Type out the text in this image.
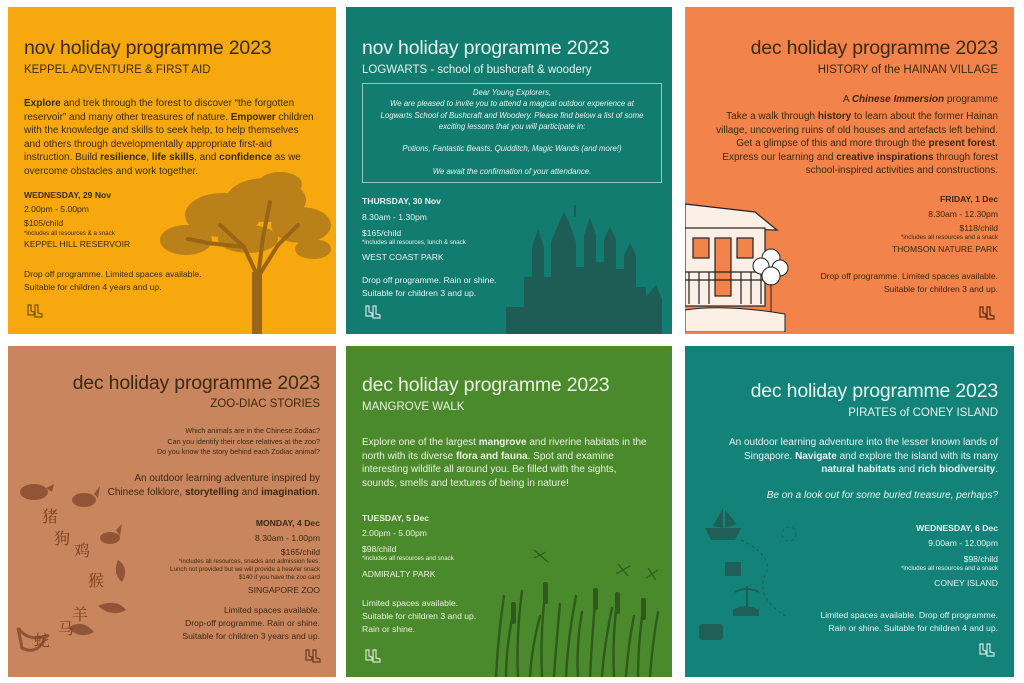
nov holiday programme 2023

KEPPEL ADVENTURE & FIRST AID

Explore and trek through the forest to discover “the forgotten
reservoir” and many other treasures of nature. Empower children
with the knowledge and skills to seek help, to help themselves
and others through developmentally appropriate first-aid
instruction. Build resilience, life skills, and confidence as we
overcome obstacles and work together.

WEDNESDAY, 29 Nov

2.00pm - 5.00pm

$105/child

*includes all resources & a snack

KEPPEL HILL RESERVOIR

Drop off programme. Limited spaces available.

Suitable for children 4 years and up.

nov holiday programme 2023

LOGWARTS - school of bushcraft & woodery

Dear Young Explorers,
We are pleased to invite you to attend a magical outdoor experience at
Logwarts School of Bushcraft and Woodery. Please find below a list of some
exciting lessons that you will participate in:

Potions, Fantastic Beasts, Quidditch, Magic Wands (and more!)

We await the confirmation of your attendance.

THURSDAY, 30 Nov

8.30am - 1.30pm

$165/child

*includes all resources, lunch & snack

WEST COAST PARK

Drop off programme. Rain or shine.

Suitable for children 3 and up.

dec holiday programme 2023

HISTORY of the HAINAN VILLAGE

A Chinese Immersion programme

Take a walk through history to learn about the former Hainan
village, uncovering ruins of old houses and artefacts left behind.
Get a glimpse of this and more through the present forest.
Express our learning and creative inspirations through forest
school-inspired activities and constructions.

FRIDAY, 1 Dec

8.30am - 12.30pm

$118/child

*includes all resources and a snack

THOMSON NATURE PARK

Drop off programme. Limited spaces available.

Suitable for children 3 and up.

猪
狗
鸡
猴
羊
马
蛇

dec holiday programme 2023

ZOO-DIAC STORIES

Which animals are in the Chinese Zodiac?
Can you identify their close relatives at the zoo?
Do you know the story behind each Zodiac animal?
An outdoor learning adventure inspired by
Chinese folklore, storytelling and imagination.

MONDAY, 4 Dec

8.30am - 1.00pm

$165/child

*includes all resources, snacks and admission fees.
Lunch not provided but we will provide a heavier snack
$140 if you have the zoo card

SINGAPORE ZOO

Limited spaces available.

Drop-off programme. Rain or shine.

Suitable for children 3 years and up.

dec holiday programme 2023

MANGROVE WALK

Explore one of the largest mangrove and riverine habitats in the
north with its diverse flora and fauna. Spot and examine
interesting wildlife all around you. Be filled with the sights,
sounds, smells and textures of being in nature!

TUESDAY, 5 Dec

2.00pm - 5.00pm

$98/child

*includes all resources and snack

ADMIRALTY PARK

Limited spaces available.

Suitable for children 3 and up.

Rain or shine.

dec holiday programme 2023

PIRATES of CONEY ISLAND

An outdoor learning adventure into the lesser known lands of
Singapore. Navigate and explore the island with its many
natural habitats and rich biodiversity.

Be on a look out for some buried treasure, perhaps?

WEDNESDAY, 6 Dec

9.00am - 12.00pm

$98/child

*includes all resources and a snack

CONEY ISLAND

Limited spaces available. Drop off programme.

Rain or shine. Suitable for children 4 and up.
